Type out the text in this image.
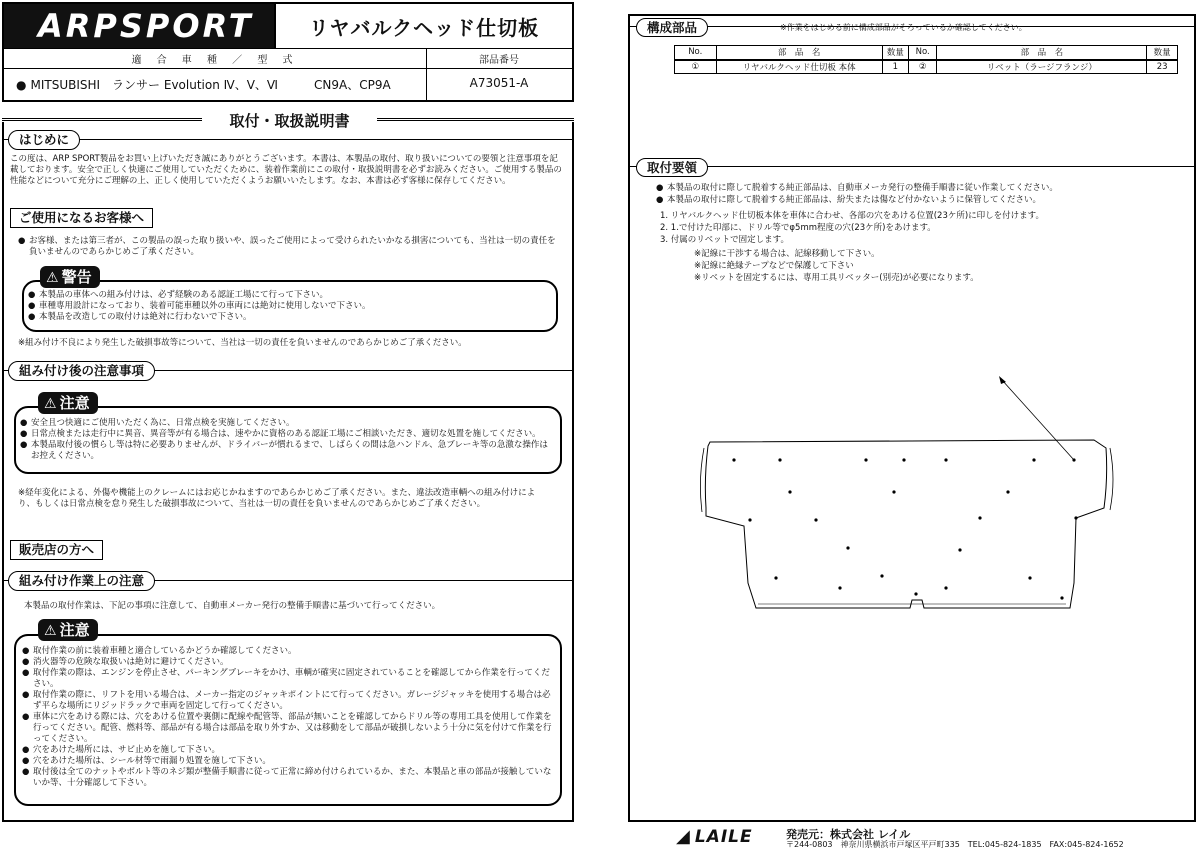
ARPSPORT	リヤバルクヘッド仕切板
適 合 車 種 ／ 型 式	部品番号
● MITSUBISHI　ランサー Evolution Ⅳ、Ⅴ、Ⅵ	CN9A、CP9A	A73051-A
取付・取扱説明書
はじめに
この度は、ARP SPORT製品をお買い上げいただき誠にありがとうございます。本書は、本製品の取付、取り扱いについての要領と注意事項を記載しております。安全で正しく快適にご使用していただくために、装着作業前にこの取付・取扱説明書を必ずお読みください。ご使用する製品の性能などについて充分にご理解の上、正しく使用していただくようお願いいたします。なお、本書は必ず客様に保存してください。
ご使用になるお客様へ
● お客様、または第三者が、この製品の誤った取り扱いや、誤ったご使用によって受けられたいかなる損害についても、当社は一切の責任を負いませんのであらかじめご了承ください。
● 本製品の車体への組み付けは、必ず経験のある認証工場にて行って下さい。
● 車種専用設計になっており、装着可能車種以外の車両には絶対に使用しないで下さい。
● 本製品を改造しての取付けは絶対に行わないで下さい。
⚠ 警告
※組み付け不良により発生した破損事故等について、当社は一切の責任を負いませんのであらかじめご了承ください。
組み付け後の注意事項
● 安全且つ快適にご使用いただく為に、日常点検を実施してください。
● 日常点検または走行中に異音、異音等が有る場合は、速やかに資格のある認証工場にご相談いただき、適切な処置を施してください。
● 本製品取付後の慣らし等は特に必要ありませんが、ドライバーが慣れるまで、しばらくの間は急ハンドル、急ブレーキ等の急激な操作はお控えください。
⚠ 注意
※経年変化による、外傷や機能上のクレームにはお応じかねますのであらかじめご了承ください。また、違法改造車輌への組み付けにより、もしくは日常点検を怠り発生した破損事故について、当社は一切の責任を負いませんのであらかじめご了承ください。
販売店の方へ
組み付け作業上の注意
本製品の取付作業は、下記の事項に注意して、自動車メーカー発行の整備手順書に基づいて行ってください。
● 取付作業の前に装着車種と適合しているかどうか確認してください。
● 消火器等の危険な取扱いは絶対に避けてください。
● 取付作業の際は、エンジンを停止させ、パーキングブレーキをかけ、車輌が確実に固定されていることを確認してから作業を行ってください。
● 取付作業の際に、リフトを用いる場合は、メーカー指定のジャッキポイントにて行ってください。ガレージジャッキを使用する場合は必ず平らな場所にリジッドラックで車両を固定して行ってください。
● 車体に穴をあける際には、穴をあける位置や裏側に配線や配管等、部品が無いことを確認してからドリル等の専用工具を使用して作業を行ってください。配管、燃料等、部品が有る場合は部品を取り外すか、又は移動をして部品が破損しないよう十分に気を付けて作業を行ってください。
● 穴をあけた場所には、サビ止めを施して下さい。
● 穴をあけた場所は、シール材等で雨漏り処置を施して下さい。
● 取付後は全てのナットやボルト等のネジ類が整備手順書に従って正常に締め付けられているか、また、本製品と車の部品が接触していないか等、十分確認して下さい。
⚠ 注意
構成部品	※作業をはじめる前に構成部品がそろっているか確認してください。
No.	部　品　名	数量	No.	部　品　名	数量
①	リヤバルクヘッド仕切板 本体	1	②	リベット（ラージフランジ）	23
取付要領
● 本製品の取付に際して脱着する純正部品は、自動車メーカ発行の整備手順書に従い作業してください。
● 本製品の取付に際して脱着する純正部品は、紛失または傷など付かないように保管してください。
1. リヤバルクヘッド仕切板本体を車体に合わせ、各部の穴をあける位置(23ケ所)に印しを付けます。
2. 1.で付けた印部に、ドリル等でφ5mm程度の穴(23ケ所)をあけます。
3. 付属のリベットで固定します。
※記線に干渉する場合は、記線移動して下さい。
※記線に絶縁テープなどで保護して下さい
※リベットを固定するには、専用工具リベッター(別売)が必要になります。
◢ LAILE	発売元：株式会社 レイル
〒244-0803　神奈川県横浜市戸塚区平戸町335　TEL:045-824-1835　FAX:045-824-1652
